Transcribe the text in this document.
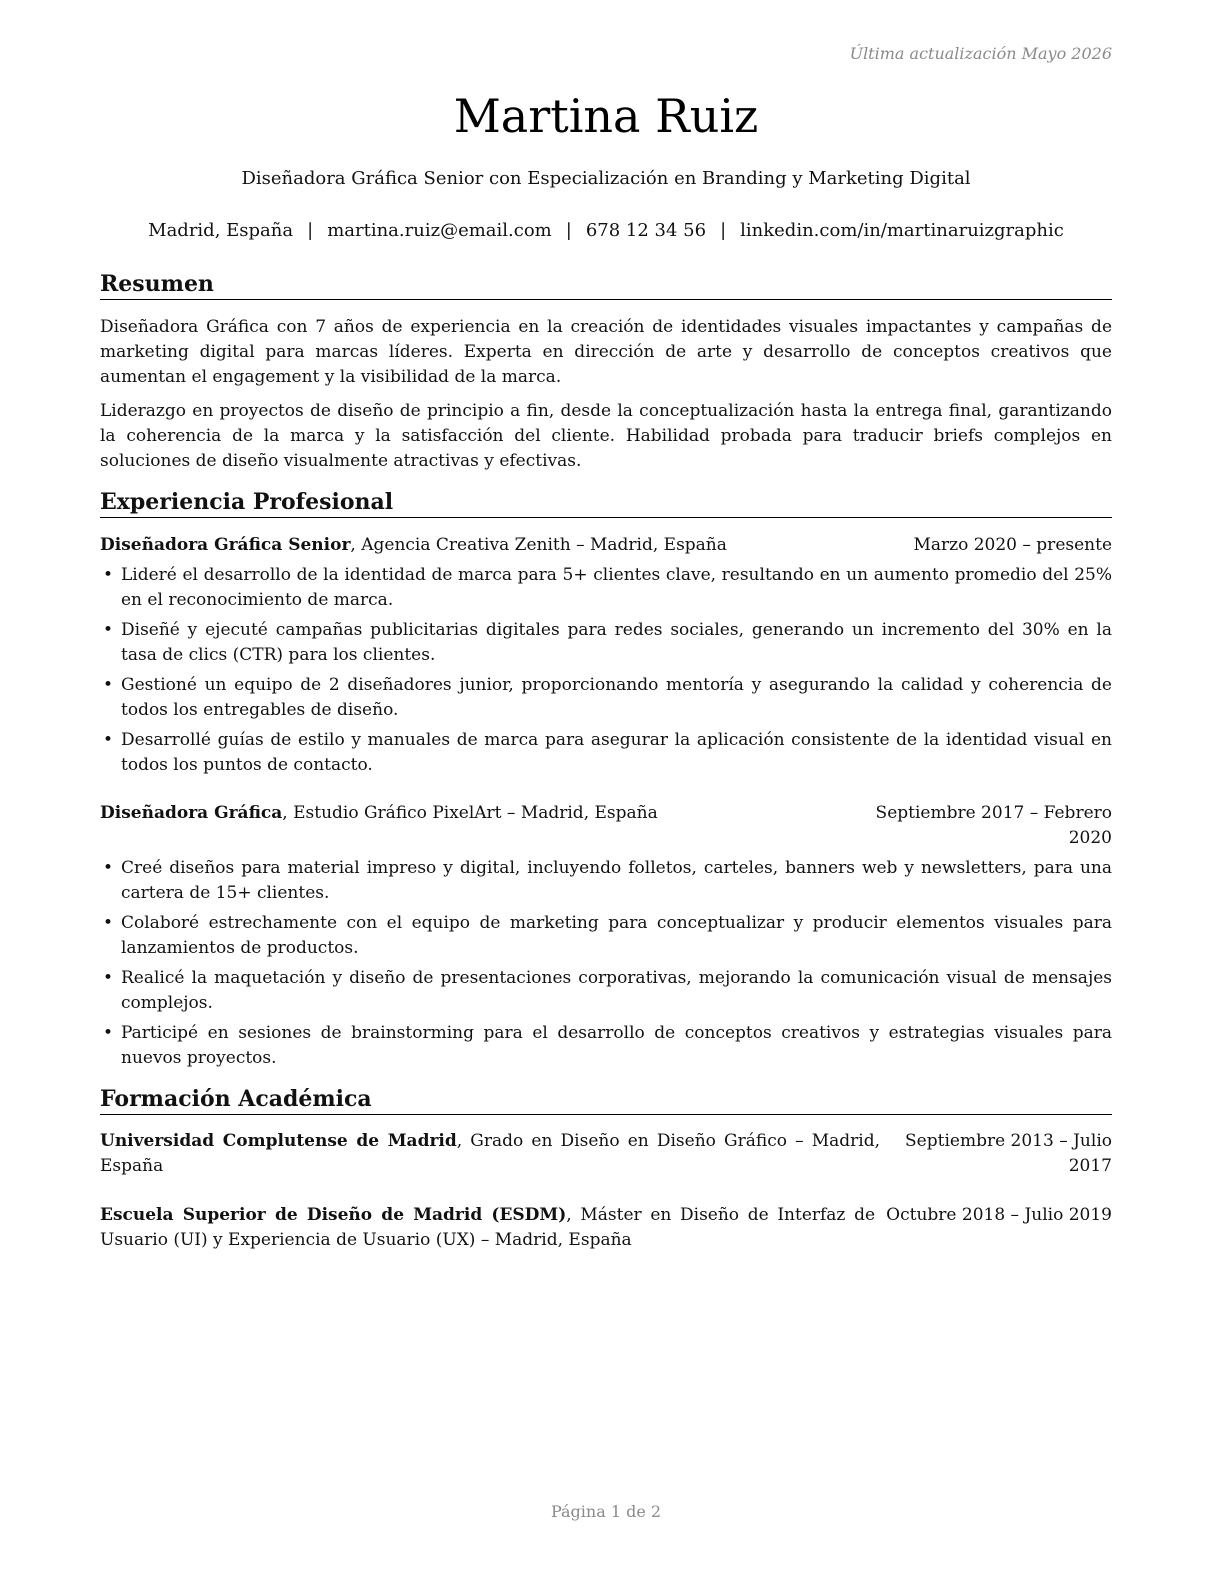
Última actualización Mayo 2026
Martina Ruiz
Diseñadora Gráfica Senior con Especialización en Branding y Marketing Digital
Madrid, España | martina.ruiz@email.com | 678 12 34 56 | linkedin.com/in/martinaruizgraphic
Resumen

Diseñadora Gráfica con 7 años de experiencia en la creación de identidades visuales impactantes y campañas de marketing digital para marcas líderes. Experta en dirección de arte y desarrollo de conceptos creativos que aumentan el engagement y la visibilidad de la marca.

Liderazgo en proyectos de diseño de principio a fin, desde la conceptualización hasta la entrega final, garantizando la coherencia de la marca y la satisfacción del cliente. Habilidad probada para traducir briefs complejos en soluciones de diseño visualmente atractivas y efectivas.

Experiencia Profesional
Diseñadora Gráfica Senior, Agencia Creativa Zenith – Madrid, España	Marzo 2020 – presente
• Lideré el desarrollo de la identidad de marca para 5+ clientes clave, resultando en un aumento promedio del 25% en el reconocimiento de marca.
• Diseñé y ejecuté campañas publicitarias digitales para redes sociales, generando un incremento del 30% en la tasa de clics (CTR) para los clientes.
• Gestioné un equipo de 2 diseñadores junior, proporcionando mentoría y asegurando la calidad y coherencia de todos los entregables de diseño.
• Desarrollé guías de estilo y manuales de marca para asegurar la aplicación consistente de la identidad visual en todos los puntos de contacto.
Diseñadora Gráfica, Estudio Gráfico PixelArt – Madrid, España	Septiembre 2017 – Febrero
2020
• Creé diseños para material impreso y digital, incluyendo folletos, carteles, banners web y newsletters, para una cartera de 15+ clientes.
• Colaboré estrechamente con el equipo de marketing para conceptualizar y producir elementos visuales para lanzamientos de productos.
• Realicé la maquetación y diseño de presentaciones corporativas, mejorando la comunicación visual de mensajes complejos.
• Participé en sesiones de brainstorming para el desarrollo de conceptos creativos y estrategias visuales para nuevos proyectos.
Formación Académica
Universidad Complutense de Madrid, Grado en Diseño en Diseño Gráfico – Madrid, España
Septiembre 2013 – Julio
2017
Escuela Superior de Diseño de Madrid (ESDM), Máster en Diseño de Interfaz de Usuario (UI) y Experiencia de Usuario (UX) – Madrid, España
Octubre 2018 – Julio 2019
Página 1 de 2
